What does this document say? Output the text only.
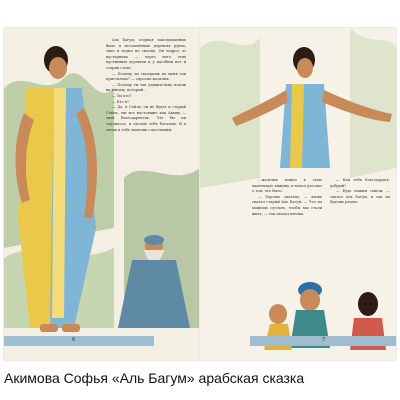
Аль Багум, оторвав заколдованных было в истомлённых деревьях руках, тихо и ходил по склону. Он подрос от кустарника — через него этих пустынных деревьев и у пастбищ нет и старик стоит.

— Почему ты смотришь на меня так пристально? — спросил мальчик.

— Почему ты так удивительно похож на юношу, который…

— Ты кто?

— Кто я?

— Да, я Сейла, он не будет и старый Сейла, мы все настоящие как Акмяд — твой благодаритель. Что бы ни случилось, я сделаю тебя богатым. Я в силах и тебе мальчик счастливым.

6

…мальчик вошёл в свою маленькую хижину и начал рассказ о том, что было.

— Хорошо сказано, — вновь сказал старый Аль Багум. — Что ты можешь сделать, чтобы мы стали жить, — так сказал юноша.

— Как тебя благодарить, добрый?

— Будь нашим сыном, — сказал Аль Багум, и так ты будешь рядом.

7
Акимова Софья «Аль Багум» арабская сказка
